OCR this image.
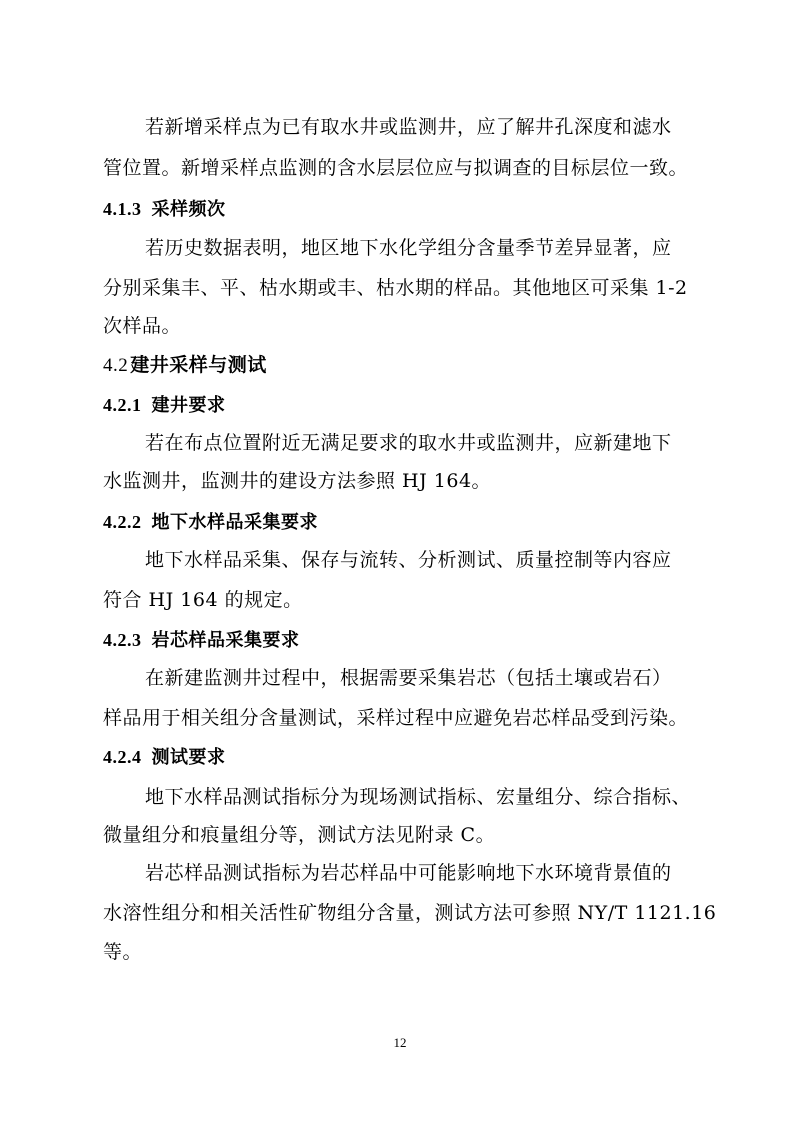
若新增采样点为已有取水井或监测井，应了解井孔深度和滤水
管位置。新增采样点监测的含水层层位应与拟调查的目标层位一致。
4.1.3 采样频次
若历史数据表明，地区地下水化学组分含量季节差异显著，应
分别采集丰、平、枯水期或丰、枯水期的样品。其他地区可采集 1-2
次样品。
4.2 建井采样与测试
4.2.1 建井要求
若在布点位置附近无满足要求的取水井或监测井，应新建地下
水监测井，监测井的建设方法参照 HJ 164。
4.2.2 地下水样品采集要求
地下水样品采集、保存与流转、分析测试、质量控制等内容应
符合 HJ 164 的规定。
4.2.3 岩芯样品采集要求
在新建监测井过程中，根据需要采集岩芯（包括土壤或岩石）
样品用于相关组分含量测试，采样过程中应避免岩芯样品受到污染。
4.2.4 测试要求
地下水样品测试指标分为现场测试指标、宏量组分、综合指标、
微量组分和痕量组分等，测试方法见附录 C。
岩芯样品测试指标为岩芯样品中可能影响地下水环境背景值的
水溶性组分和相关活性矿物组分含量，测试方法可参照 NY/T 1121.16
等。
12
